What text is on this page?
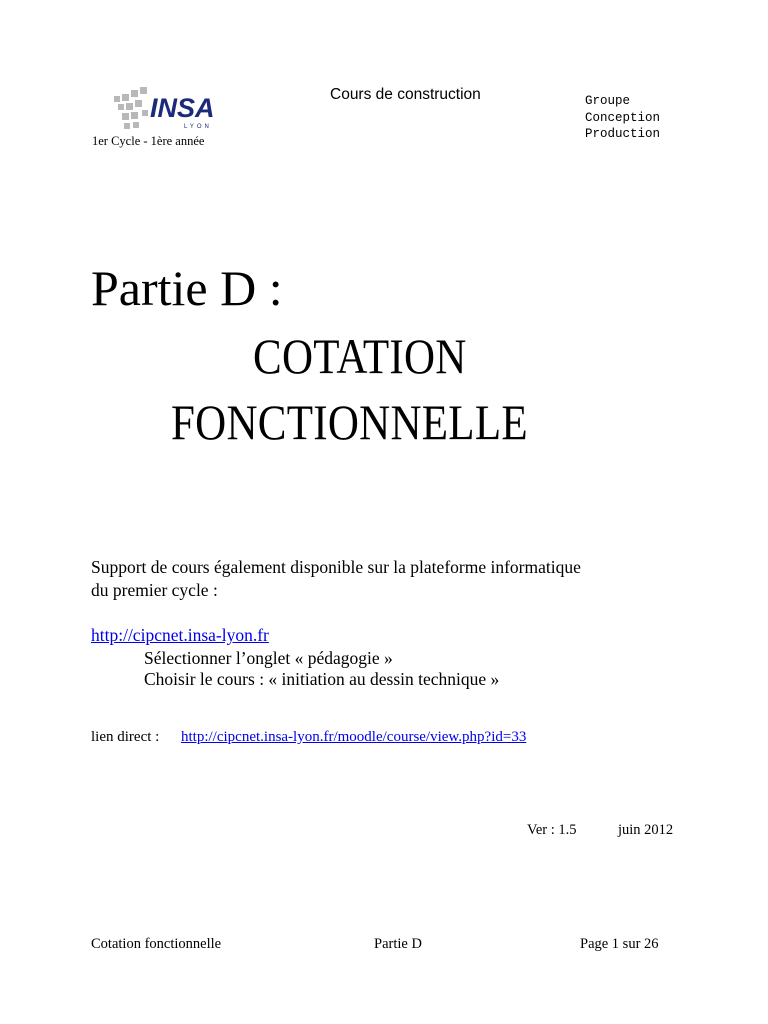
INSA
LYON
1er Cycle - 1ère année
Cours de construction	Groupe
Conception
Production
Partie D :
COTATION
FONCTIONNELLE
Support de cours également disponible sur la plateforme informatique
du premier cycle :
http://cipcnet.insa-lyon.fr
Sélectionner l’onglet « pédagogie »
Choisir le cours : « initiation au dessin technique »
lien direct : http://cipcnet.insa-lyon.fr/moodle/course/view.php?id=33
Ver : 1.5	juin 2012
Cotation fonctionnelle	Partie D	Page 1 sur 26
